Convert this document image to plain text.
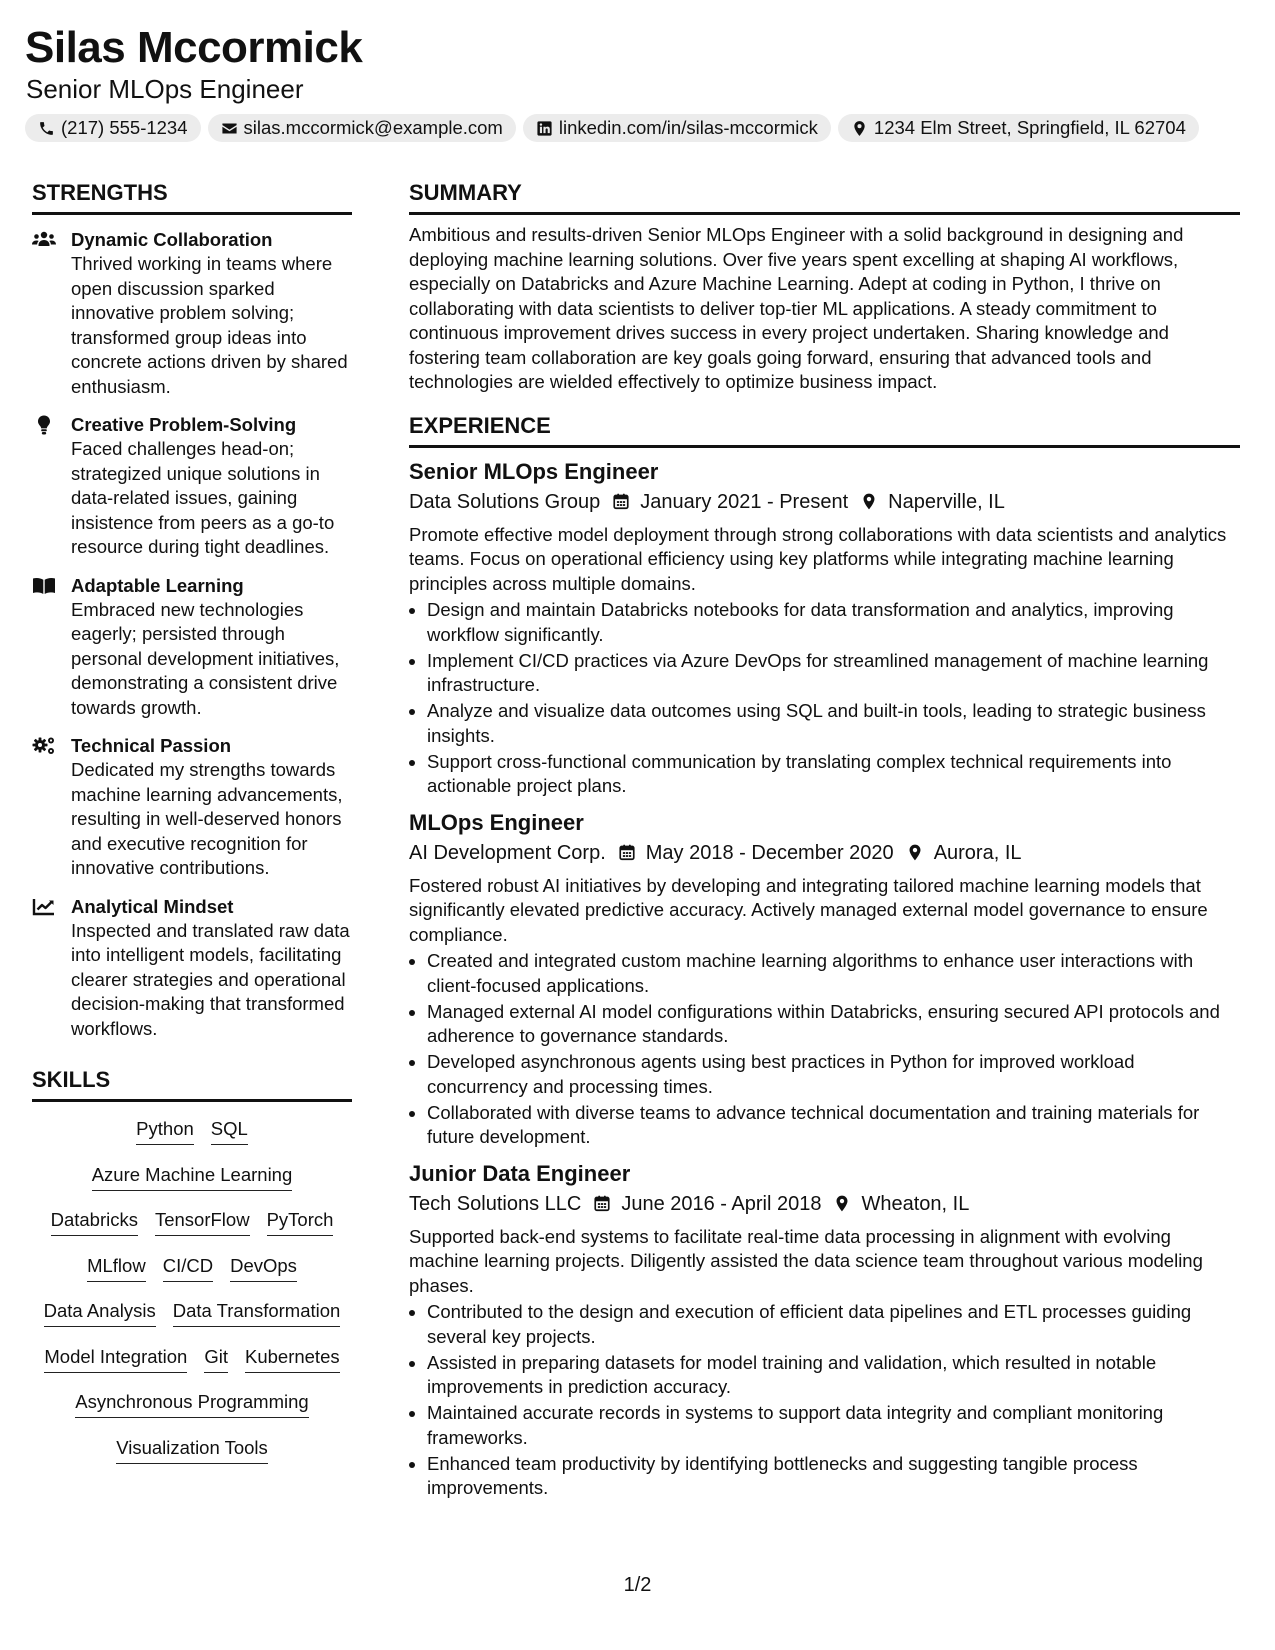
Silas Mccormick
Senior MLOps Engineer
(217) 555-1234	silas.mccormick@example.com	linkedin.com/in/silas-mccormick	1234 Elm Street, Springfield, IL 62704
STRENGTHS
Dynamic Collaboration
Thrived working in teams where open discussion sparked innovative problem solving; transformed group ideas into concrete actions driven by shared enthusiasm.
Creative Problem-Solving
Faced challenges head-on; strategized unique solutions in data-related issues, gaining insistence from peers as a go-to resource during tight deadlines.
Adaptable Learning
Embraced new technologies eagerly; persisted through personal development initiatives, demonstrating a consistent drive towards growth.
Technical Passion
Dedicated my strengths towards machine learning advancements, resulting in well-deserved honors and executive recognition for innovative contributions.
Analytical Mindset
Inspected and translated raw data into intelligent models, facilitating clearer strategies and operational decision-making that transformed workflows.
SKILLS
Python SQL
Azure Machine Learning
Databricks TensorFlow PyTorch
MLflow CI/CD DevOps
Data Analysis Data Transformation
Model Integration Git Kubernetes
Asynchronous Programming
Visualization Tools
SUMMARY

Ambitious and results-driven Senior MLOps Engineer with a solid background in designing and deploying machine learning solutions. Over five years spent excelling at shaping AI workflows, especially on Databricks and Azure Machine Learning. Adept at coding in Python, I thrive on collaborating with data scientists to deliver top-tier ML applications. A steady commitment to continuous improvement drives success in every project undertaken. Sharing knowledge and fostering team collaboration are key goals going forward, ensuring that advanced tools and technologies are wielded effectively to optimize business impact.

EXPERIENCE
Senior MLOps Engineer
Data Solutions Group January 2021 - Present Naperville, IL
Promote effective model deployment through strong collaborations with data scientists and analytics teams. Focus on operational efficiency using key platforms while integrating machine learning principles across multiple domains.
• Design and maintain Databricks notebooks for data transformation and analytics, improving workflow significantly.
• Implement CI/CD practices via Azure DevOps for streamlined management of machine learning infrastructure.
• Analyze and visualize data outcomes using SQL and built-in tools, leading to strategic business insights.
• Support cross-functional communication by translating complex technical requirements into actionable project plans.
MLOps Engineer
AI Development Corp. May 2018 - December 2020 Aurora, IL
Fostered robust AI initiatives by developing and integrating tailored machine learning models that significantly elevated predictive accuracy. Actively managed external model governance to ensure compliance.
• Created and integrated custom machine learning algorithms to enhance user interactions with client-focused applications.
• Managed external AI model configurations within Databricks, ensuring secured API protocols and adherence to governance standards.
• Developed asynchronous agents using best practices in Python for improved workload concurrency and processing times.
• Collaborated with diverse teams to advance technical documentation and training materials for future development.
Junior Data Engineer
Tech Solutions LLC June 2016 - April 2018 Wheaton, IL
Supported back-end systems to facilitate real-time data processing in alignment with evolving machine learning projects. Diligently assisted the data science team throughout various modeling phases.
• Contributed to the design and execution of efficient data pipelines and ETL processes guiding several key projects.
• Assisted in preparing datasets for model training and validation, which resulted in notable improvements in prediction accuracy.
• Maintained accurate records in systems to support data integrity and compliant monitoring frameworks.
• Enhanced team productivity by identifying bottlenecks and suggesting tangible process improvements.
1/2
